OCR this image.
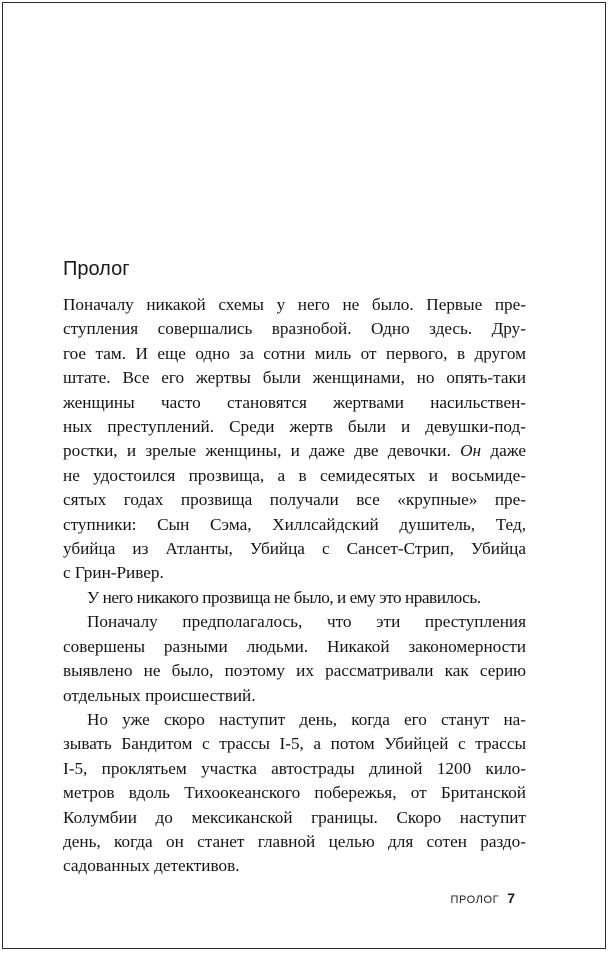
Пролог
Поначалу никакой схемы у него не было. Первые пре-
ступления совершались вразнобой. Одно здесь. Дру-
гое там. И еще одно за сотни миль от первого, в другом
штате. Все его жертвы были женщинами, но опять-таки
женщины часто становятся жертвами насильствен-
ных преступлений. Среди жертв были и девушки-под-
ростки, и зрелые женщины, и даже две девочки. Он даже
не удостоился прозвища, а в семидесятых и восьмиде-
сятых годах прозвища получали все «крупные» пре-
ступники: Сын Сэма, Хиллсайдский душитель, Тед,
убийца из Атланты, Убийца с Сансет-Стрип, Убийца
с Грин-Ривер.
У него никакого прозвища не было, и ему это нравилось.
Поначалу предполагалось, что эти преступления
совершены разными людьми. Никакой закономерности
выявлено не было, поэтому их рассматривали как серию
отдельных происшествий.
Но уже скоро наступит день, когда его станут на-
зывать Бандитом с трассы I-5, а потом Убийцей с трассы
I-5, проклятьем участка автострады длиной 1200 кило-
метров вдоль Тихоокеанского побережья, от Британской
Колумбии до мексиканской границы. Скоро наступит
день, когда он станет главной целью для сотен раздо-
садованных детективов.
ПРОЛОГ 7
